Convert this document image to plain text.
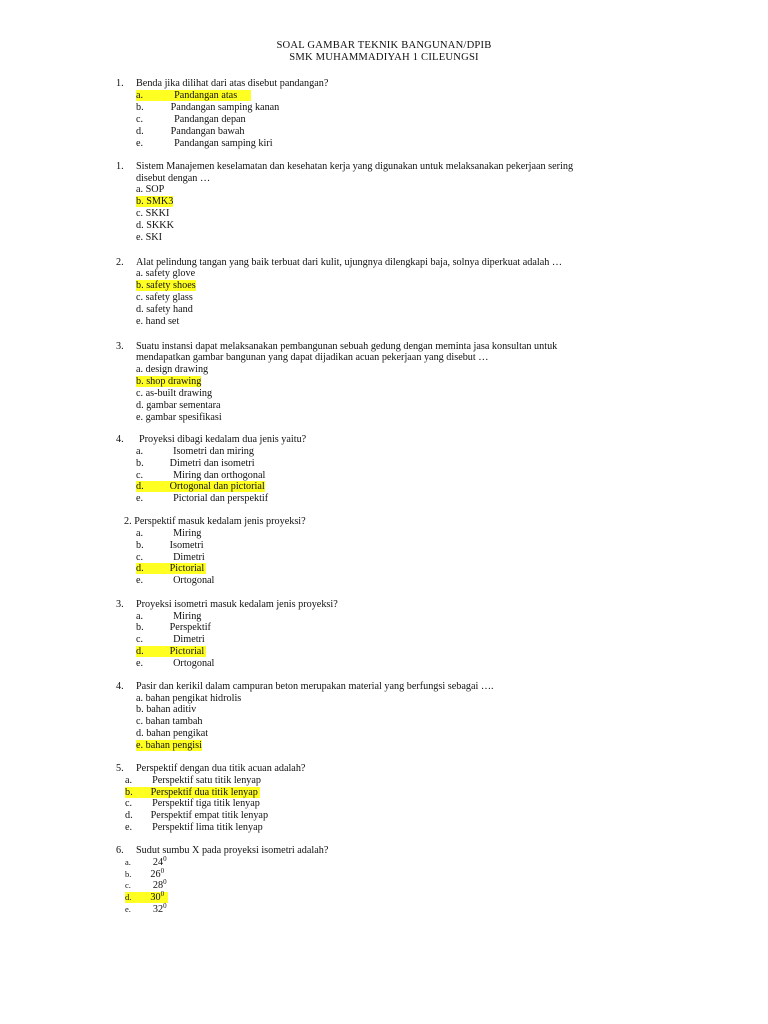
SOAL GAMBAR TEKNIK BANGUNAN/DPIB
SMK MUHAMMADIYAH 1 CILEUNGSI
1. Benda jika dilihat dari atas disebut pandangan?
a.	Pandangan atas
b.	Pandangan samping kanan
c.	Pandangan depan
d.	Pandangan bawah
e.	Pandangan samping kiri
1. Sistem Manajemen keselamatan dan kesehatan kerja yang digunakan untuk melaksanakan pekerjaan sering
disebut dengan …
a. SOP
b. SMK3
c. SKKI
d. SKKK
e. SKI
2. Alat pelindung tangan yang baik terbuat dari kulit, ujungnya dilengkapi baja, solnya diperkuat adalah …
a. safety glove
b. safety shoes
c. safety glass
d. safety hand
e. hand set
3. Suatu instansi dapat melaksanakan pembangunan sebuah gedung dengan meminta jasa konsultan untuk
mendapatkan gambar bangunan yang dapat dijadikan acuan pekerjaan yang disebut …
a. design drawing
b. shop drawing
c. as-built drawing
d. gambar sementara
e. gambar spesifikasi
4. Proyeksi dibagi kedalam dua jenis yaitu?
a.	Isometri dan miring
b.	Dimetri dan isometri
c.	Miring dan orthogonal
d.	Ortogonal dan pictorial
e.	Pictorial dan perspektif
2. Perspektif masuk kedalam jenis proyeksi?
a.	Miring
b.	Isometri
c.	Dimetri
d.	Pictorial
e.	Ortogonal
3. Proyeksi isometri masuk kedalam jenis proyeksi?
a.	Miring
b.	Perspektif
c.	Dimetri
d.	Pictorial
e.	Ortogonal
4. Pasir dan kerikil dalam campuran beton merupakan material yang berfungsi sebagai ….
a. bahan pengikat hidrolis
b. bahan aditiv
c. bahan tambah
d. bahan pengikat
e. bahan pengisi
5. Perspektif dengan dua titik acuan adalah?
a. Perspektif satu titik lenyap
b. Perspektif dua titik lenyap
c. Perspektif tiga titik lenyap
d. Perspektif empat titik lenyap
e. Perspektif lima titik lenyap
6. Sudut sumbu X pada proyeksi isometri adalah?
a. $24^0$
b. $26^0$
c. $28^0$
d. $30^0$
e. $32^0$
